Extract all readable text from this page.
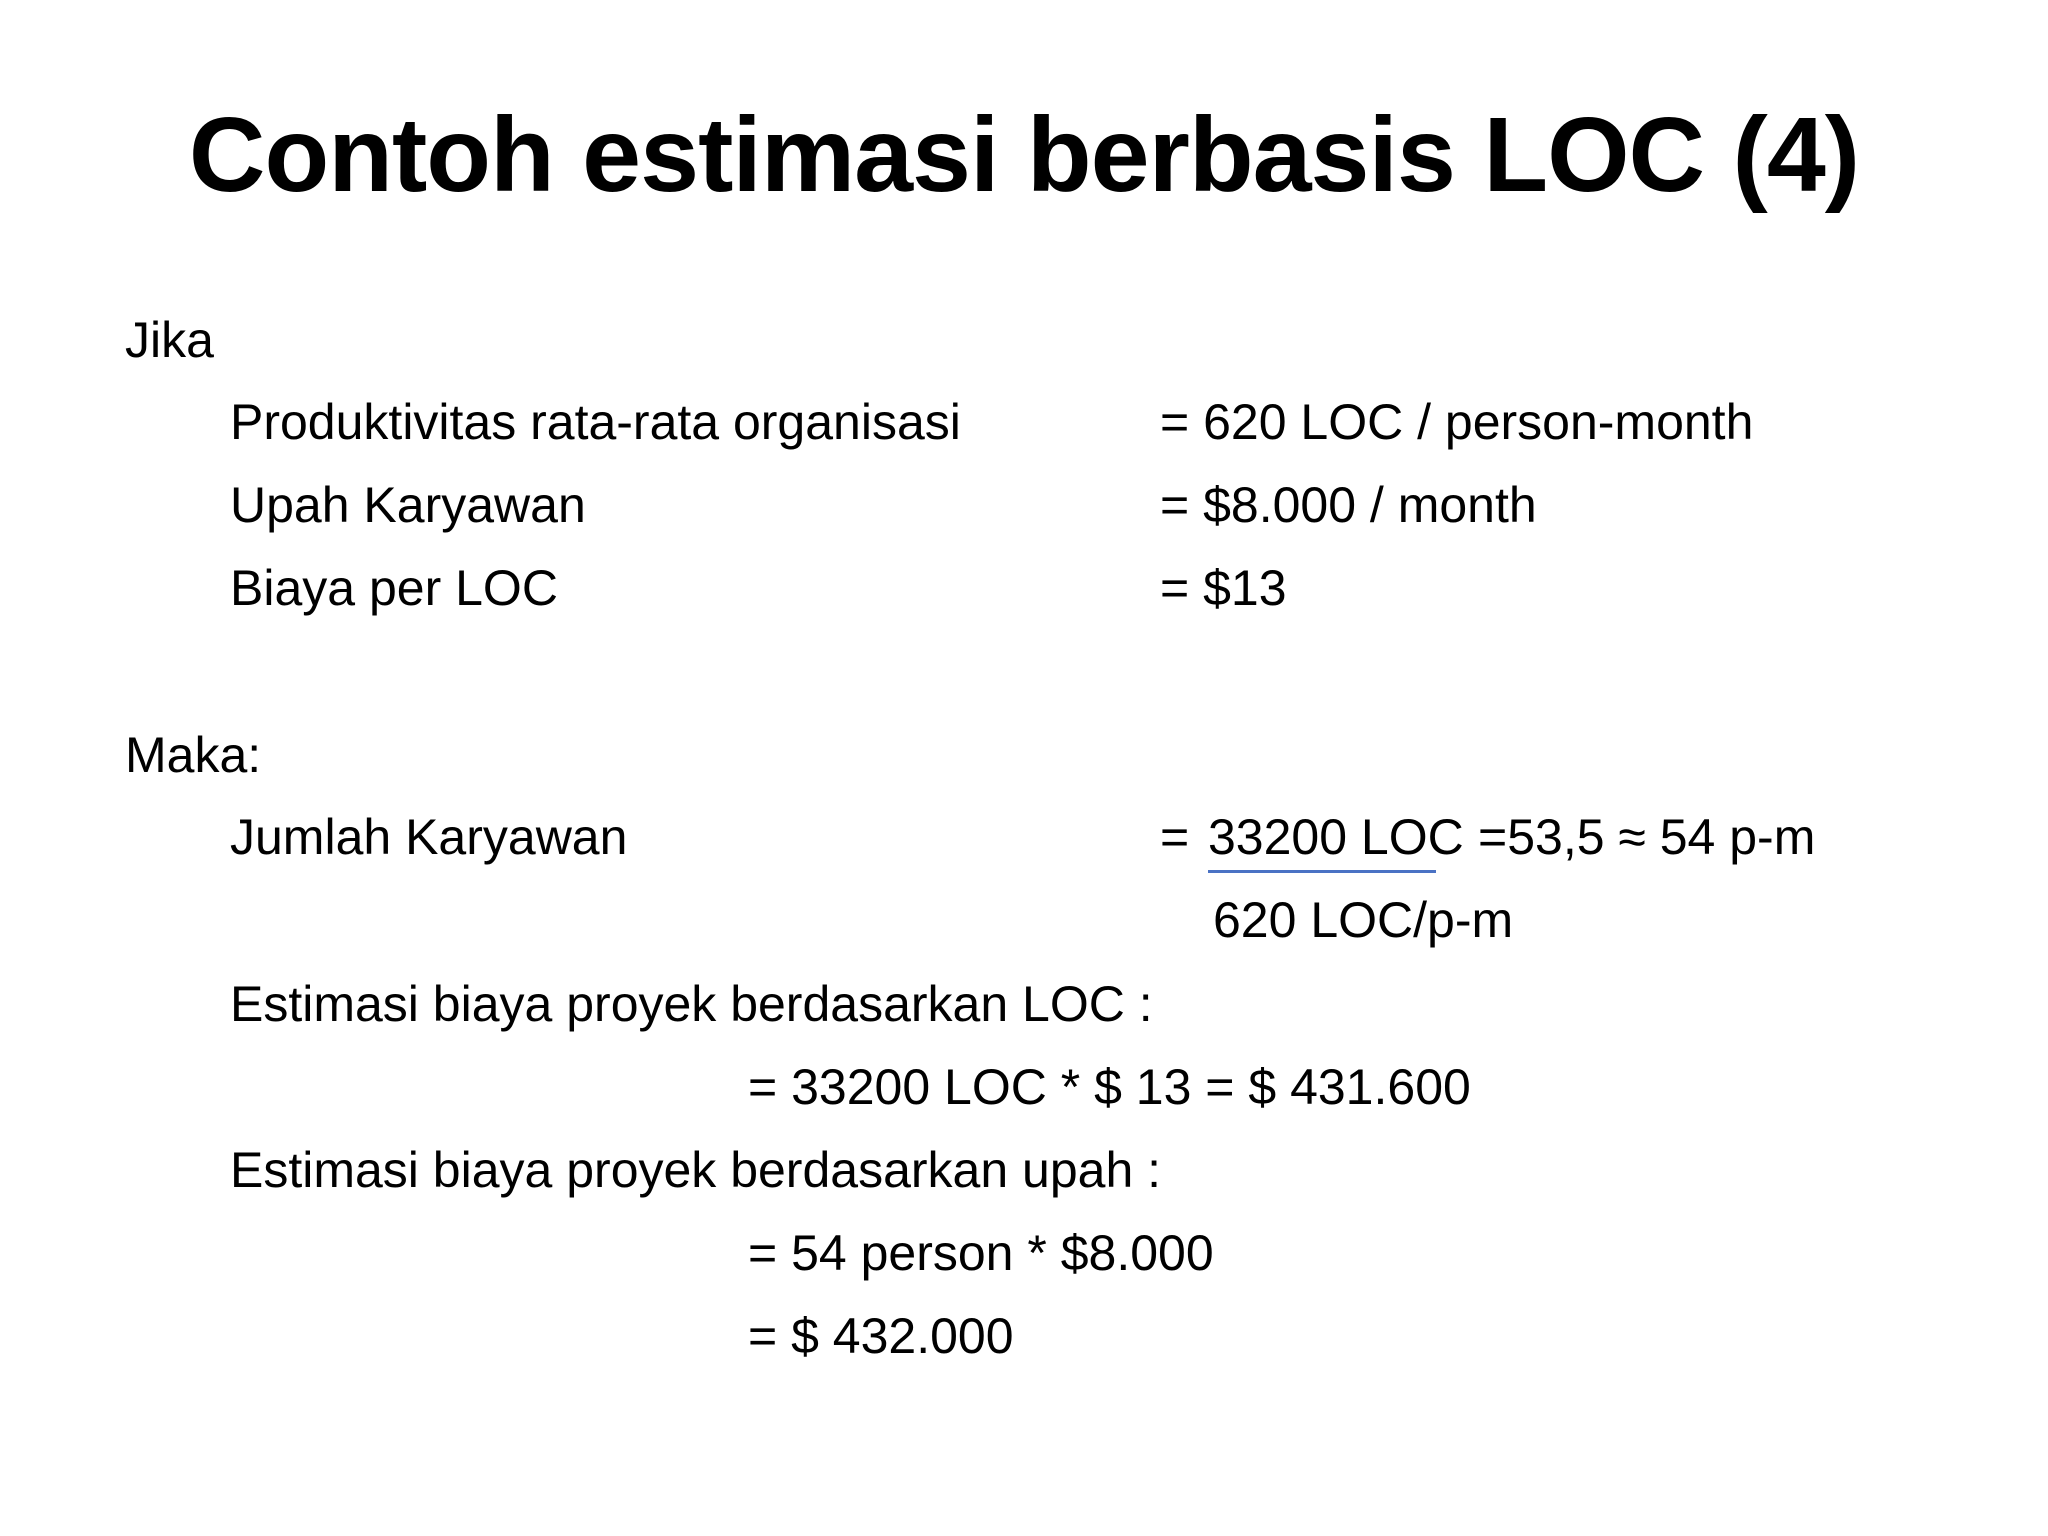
Contoh estimasi berbasis LOC (4)
Jika
Produktivitas rata-rata organisasi	= 620 LOC / person-month
Upah Karyawan	= $8.000 / month
Biaya per LOC	= $13
Maka:
Jumlah Karyawan	= 33200 LOC =53,5 ≈ 54 p-m
620 LOC/p-m
Estimasi biaya proyek berdasarkan LOC :
= 33200 LOC * $ 13 = $ 431.600
Estimasi biaya proyek berdasarkan upah :
= 54 person * $8.000
= $ 432.000
